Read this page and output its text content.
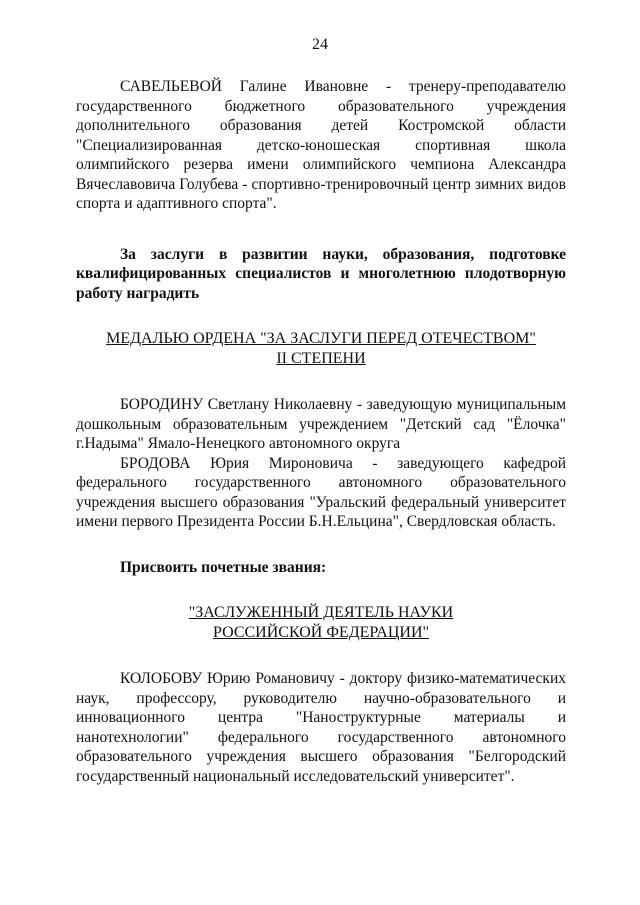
24

САВЕЛЬЕВОЙ Галине Ивановне - тренеру-преподавателю государственного бюджетного образовательного учреждения дополнительного образования детей Костромской области "Специализированная детско-юношеская спортивная школа олимпийского резерва имени олимпийского чемпиона Александра Вячеславовича Голубева - спортивно-тренировочный центр зимних видов спорта и адаптивного спорта".

За заслуги в развитии науки, образования, подготовке квалифицированных специалистов и многолетнюю плодотворную работу наградить

МЕДАЛЬЮ ОРДЕНА "ЗА ЗАСЛУГИ ПЕРЕД ОТЕЧЕСТВОМ"
II СТЕПЕНИ

БОРОДИНУ Светлану Николаевну - заведующую муниципальным дошкольным образовательным учреждением "Детский сад "Ёлочка" г.Надыма" Ямало-Ненецкого автономного округа

БРОДОВА Юрия Мироновича - заведующего кафедрой федерального государственного автономного образовательного учреждения высшего образования "Уральский федеральный университет имени первого Президента России Б.Н.Ельцина", Свердловская область.

Присвоить почетные звания:

"ЗАСЛУЖЕННЫЙ ДЕЯТЕЛЬ НАУКИ
РОССИЙСКОЙ ФЕДЕРАЦИИ"

КОЛОБОВУ Юрию Романовичу - доктору физико-математических наук, профессору, руководителю научно-образовательного и инновационного центра "Наноструктурные материалы и нанотехнологии" федерального государственного автономного образовательного учреждения высшего образования "Белгородский государственный национальный исследовательский университет".
